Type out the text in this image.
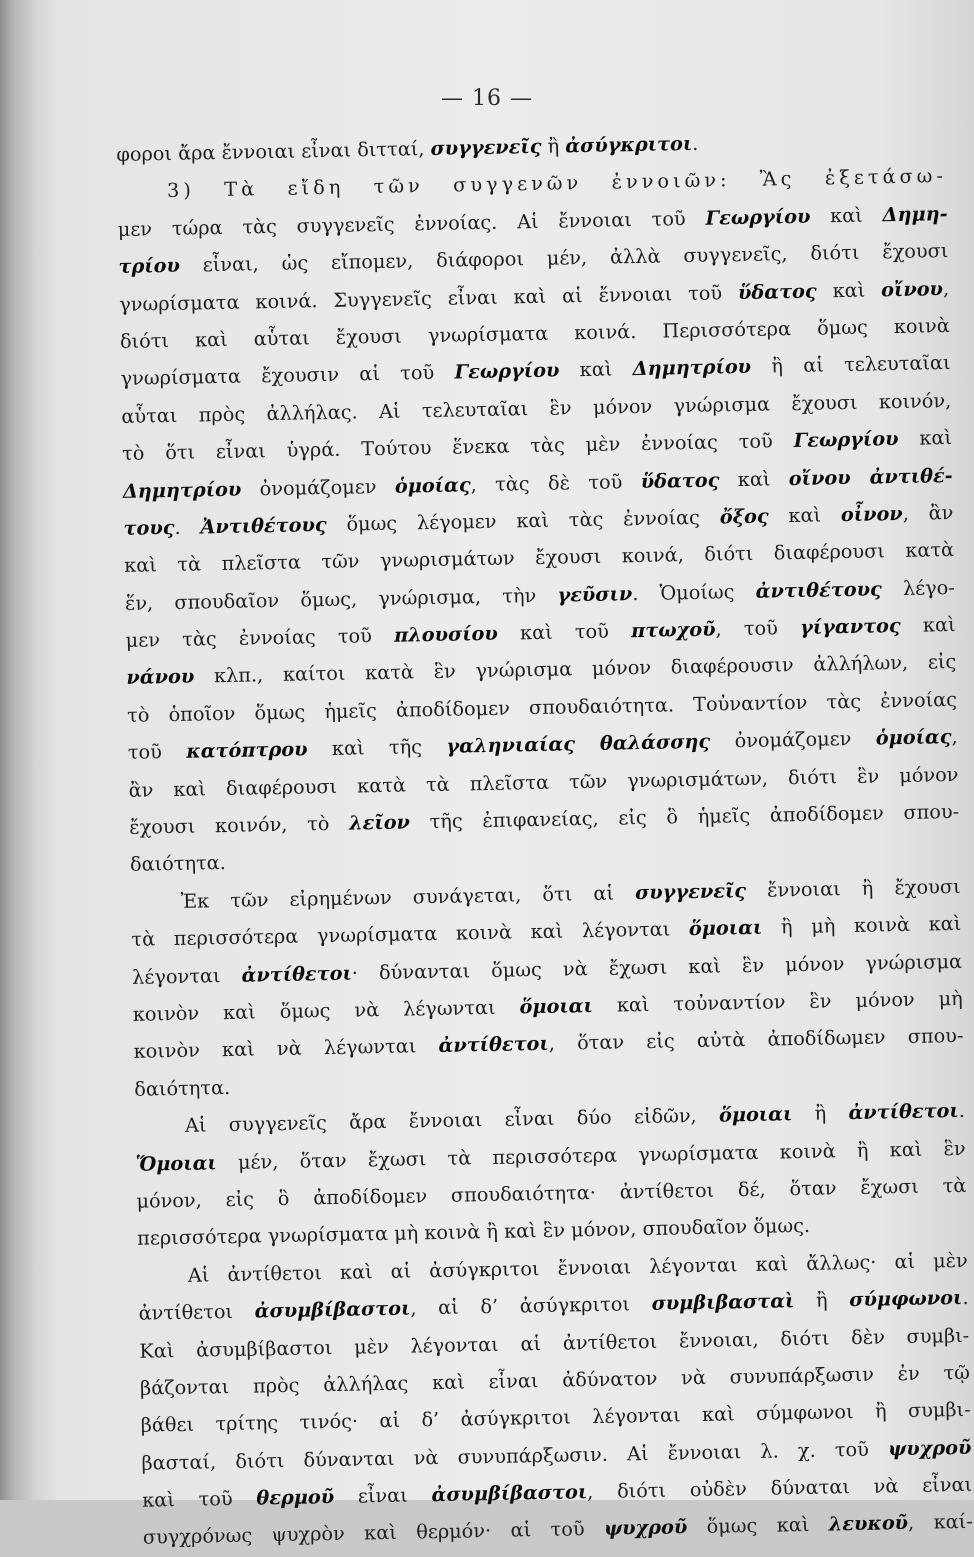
— 16 —
φοροι ἄρα ἔννοιαι εἶναι διτταί, συγγενεῖς ἢ ἀσύγκριτοι.
3) Τὰ εἴδη τῶν συγγενῶν ἐννοιῶν: Ἂς ἐξετάσω-
μεν τώρα τὰς συγγενεῖς ἐννοίας. Αἱ ἔννοιαι τοῦ Γεωργίου καὶ Δημη-
τρίου εἶναι, ὡς εἴπομεν, διάφοροι μέν, ἀλλὰ συγγενεῖς, διότι ἔχουσι
γνωρίσματα κοινά. Συγγενεῖς εἶναι καὶ αἱ ἔννοιαι τοῦ ὕδατος καὶ οἴνου,
διότι καὶ αὗται ἔχουσι γνωρίσματα κοινά. Περισσότερα ὅμως κοινὰ
γνωρίσματα ἔχουσιν αἱ τοῦ Γεωργίου καὶ Δημητρίου ἢ αἱ τελευταῖαι
αὗται πρὸς ἀλλήλας. Αἱ τελευταῖαι ἓν μόνον γνώρισμα ἔχουσι κοινόν,
τὸ ὅτι εἶναι ὑγρά. Τούτου ἕνεκα τὰς μὲν ἐννοίας τοῦ Γεωργίου καὶ
Δημητρίου ὀνομάζομεν ὁμοίας, τὰς δὲ τοῦ ὕδατος καὶ οἴνου ἀντιθέ-
τους. Ἀντιθέτους ὅμως λέγομεν καὶ τὰς ἐννοίας ὄξος καὶ οἶνον, ἂν
καὶ τὰ πλεῖστα τῶν γνωρισμάτων ἔχουσι κοινά, διότι διαφέρουσι κατὰ
ἕν, σπουδαῖον ὅμως, γνώρισμα, τὴν γεῦσιν. Ὁμοίως ἀντιθέτους λέγο-
μεν τὰς ἐννοίας τοῦ πλουσίου καὶ τοῦ πτωχοῦ, τοῦ γίγαντος καὶ
νάνου κλπ., καίτοι κατὰ ἓν γνώρισμα μόνον διαφέρουσιν ἀλλήλων, εἰς
τὸ ὁποῖον ὅμως ἡμεῖς ἀποδίδομεν σπουδαιότητα. Τοὐναντίον τὰς ἐννοίας
τοῦ κατόπτρου καὶ τῆς γαληνιαίας θαλάσσης ὀνομάζομεν ὁμοίας,
ἂν καὶ διαφέρουσι κατὰ τὰ πλεῖστα τῶν γνωρισμάτων, διότι ἓν μόνον
ἔχουσι κοινόν, τὸ λεῖον τῆς ἐπιφανείας, εἰς ὃ ἡμεῖς ἀποδίδομεν σπου-
δαιότητα.
Ἐκ τῶν εἰρημένων συνάγεται, ὅτι αἱ συγγενεῖς ἔννοιαι ἢ ἔχουσι
τὰ περισσότερα γνωρίσματα κοινὰ καὶ λέγονται ὅμοιαι ἢ μὴ κοινὰ καὶ
λέγονται ἀντίθετοι· δύνανται ὅμως νὰ ἔχωσι καὶ ἓν μόνον γνώρισμα
κοινὸν καὶ ὅμως νὰ λέγωνται ὅμοιαι καὶ τοὐναντίον ἓν μόνον μὴ
κοινὸν καὶ νὰ λέγωνται ἀντίθετοι, ὅταν εἰς αὐτὰ ἀποδίδωμεν σπου-
δαιότητα.
Αἱ συγγενεῖς ἄρα ἔννοιαι εἶναι δύο εἰδῶν, ὅμοιαι ἢ ἀντίθετοι.
Ὅμοιαι μέν, ὅταν ἔχωσι τὰ περισσότερα γνωρίσματα κοινὰ ἢ καὶ ἓν
μόνον, εἰς ὃ ἀποδίδομεν σπουδαιότητα· ἀντίθετοι δέ, ὅταν ἔχωσι τὰ
περισσότερα γνωρίσματα μὴ κοινὰ ἢ καὶ ἓν μόνον, σπουδαῖον ὅμως.
Αἱ ἀντίθετοι καὶ αἱ ἀσύγκριτοι ἔννοιαι λέγονται καὶ ἄλλως· αἱ μὲν
ἀντίθετοι ἀσυμβίβαστοι, αἱ δ’ ἀσύγκριτοι συμβιβασταὶ ἢ σύμφωνοι.
Καὶ ἀσυμβίβαστοι μὲν λέγονται αἱ ἀντίθετοι ἔννοιαι, διότι δὲν συμβι-
βάζονται πρὸς ἀλλήλας καὶ εἶναι ἀδύνατον νὰ συνυπάρξωσιν ἐν τῷ
βάθει τρίτης τινός· αἱ δ’ ἀσύγκριτοι λέγονται καὶ σύμφωνοι ἢ συμβι-
βασταί, διότι δύνανται νὰ συνυπάρξωσιν. Αἱ ἔννοιαι λ. χ. τοῦ ψυχροῦ
καὶ τοῦ θερμοῦ εἶναι ἀσυμβίβαστοι, διότι οὐδὲν δύναται νὰ εἶναι
συγχρόνως ψυχρὸν καὶ θερμόν· αἱ τοῦ ψυχροῦ ὅμως καὶ λευκοῦ, καί-
